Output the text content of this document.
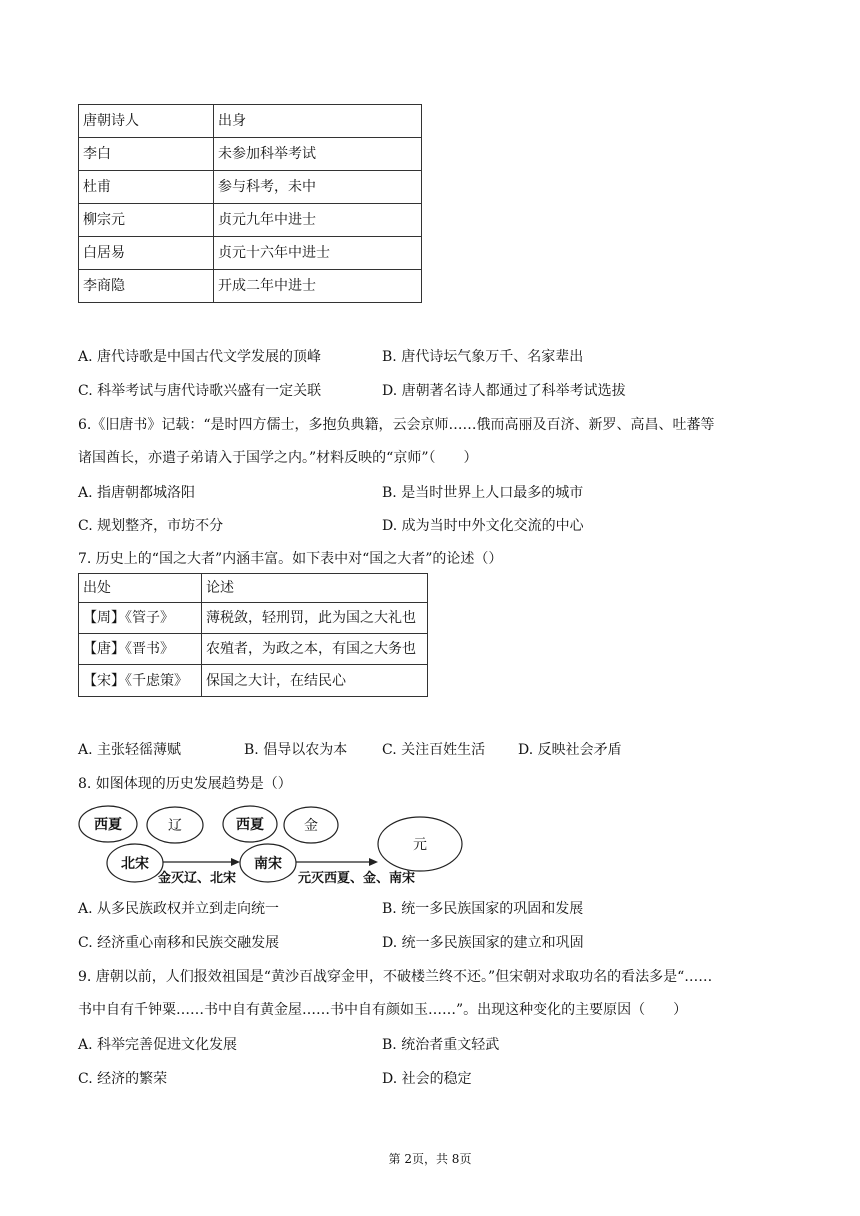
唐朝诗人	出身
李白	未参加科举考试
杜甫	参与科考，未中
柳宗元	贞元九年中进士
白居易	贞元十六年中进士
李商隐	开成二年中进士
A. 唐代诗歌是中国古代文学发展的顶峰	B. 唐代诗坛气象万千、名家辈出
C. 科举考试与唐代诗歌兴盛有一定关联	D. 唐朝著名诗人都通过了科举考试选拔
6.《旧唐书》记载：“是时四方儒士，多抱负典籍，云会京师……俄而高丽及百济、新罗、高昌、吐蕃等
诸国酋长，亦遣子弟请入于国学之内。”材料反映的“京师”（　　）
A. 指唐朝都城洛阳	B. 是当时世界上人口最多的城市
C. 规划整齐，市坊不分	D. 成为当时中外文化交流的中心
7. 历史上的“国之大者”内涵丰富。如下表中对“国之大者”的论述（）
出处	论述
【周】《管子》	薄税敛，轻刑罚，此为国之大礼也
【唐】《晋书》	农殖者，为政之本，有国之大务也
【宋】《千虑策》	保国之大计，在结民心
A. 主张轻徭薄赋	B. 倡导以农为本 C. 关注百姓生活 D. 反映社会矛盾
8. 如图体现的历史发展趋势是（）
西夏	辽
北宋
西夏	金
南宋
元
金灭辽、北宋	元灭西夏、金、南宋
A. 从多民族政权并立到走向统一	B. 统一多民族国家的巩固和发展
C. 经济重心南移和民族交融发展	D. 统一多民族国家的建立和巩固
9. 唐朝以前，人们报效祖国是“黄沙百战穿金甲，不破楼兰终不还。”但宋朝对求取功名的看法多是“……
书中自有千钟粟……书中自有黄金屋……书中自有颜如玉……”。出现这种变化的主要原因（　　）
A. 科举完善促进文化发展	B. 统治者重文轻武
C. 经济的繁荣	D. 社会的稳定
第 2页，共 8页
